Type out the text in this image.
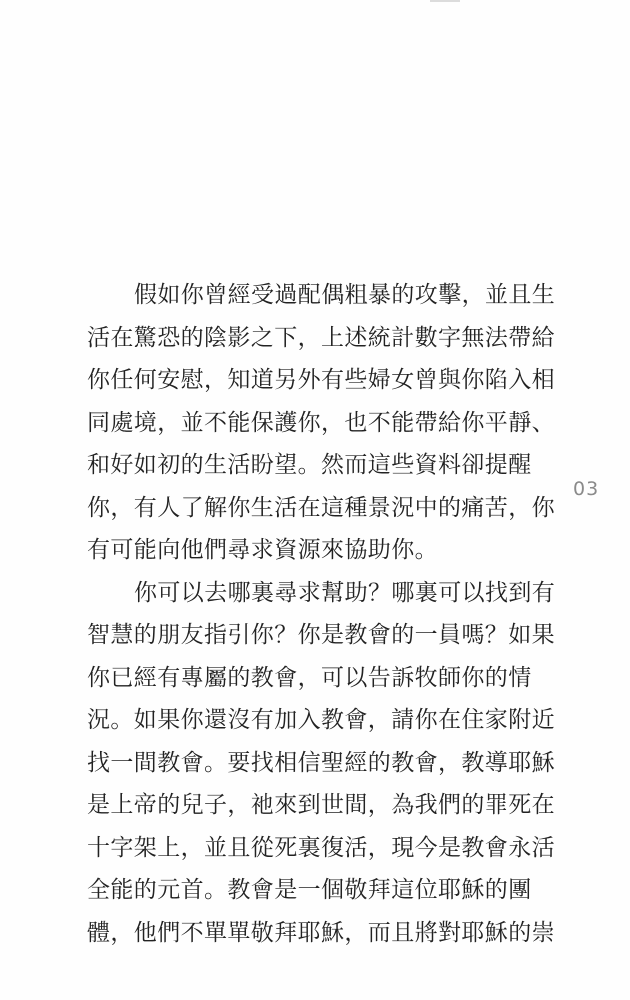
假如你曾經受過配偶粗暴的攻擊，並且生
活在驚恐的陰影之下，上述統計數字無法帶給
你任何安慰，知道另外有些婦女曾與你陷入相
同處境，並不能保護你，也不能帶給你平靜、
和好如初的生活盼望。然而這些資料卻提醒
你，有人了解你生活在這種景況中的痛苦，你
有可能向他們尋求資源來協助你。
你可以去哪裏尋求幫助？哪裏可以找到有
智慧的朋友指引你？你是教會的一員嗎？如果
你已經有專屬的教會，可以告訴牧師你的情
況。如果你還沒有加入教會，請你在住家附近
找一間教會。要找相信聖經的教會，教導耶穌
是上帝的兒子，祂來到世間，為我們的罪死在
十字架上，並且從死裏復活，現今是教會永活
全能的元首。教會是一個敬拜這位耶穌的團
體，他們不單單敬拜耶穌，而且將對耶穌的崇
03
